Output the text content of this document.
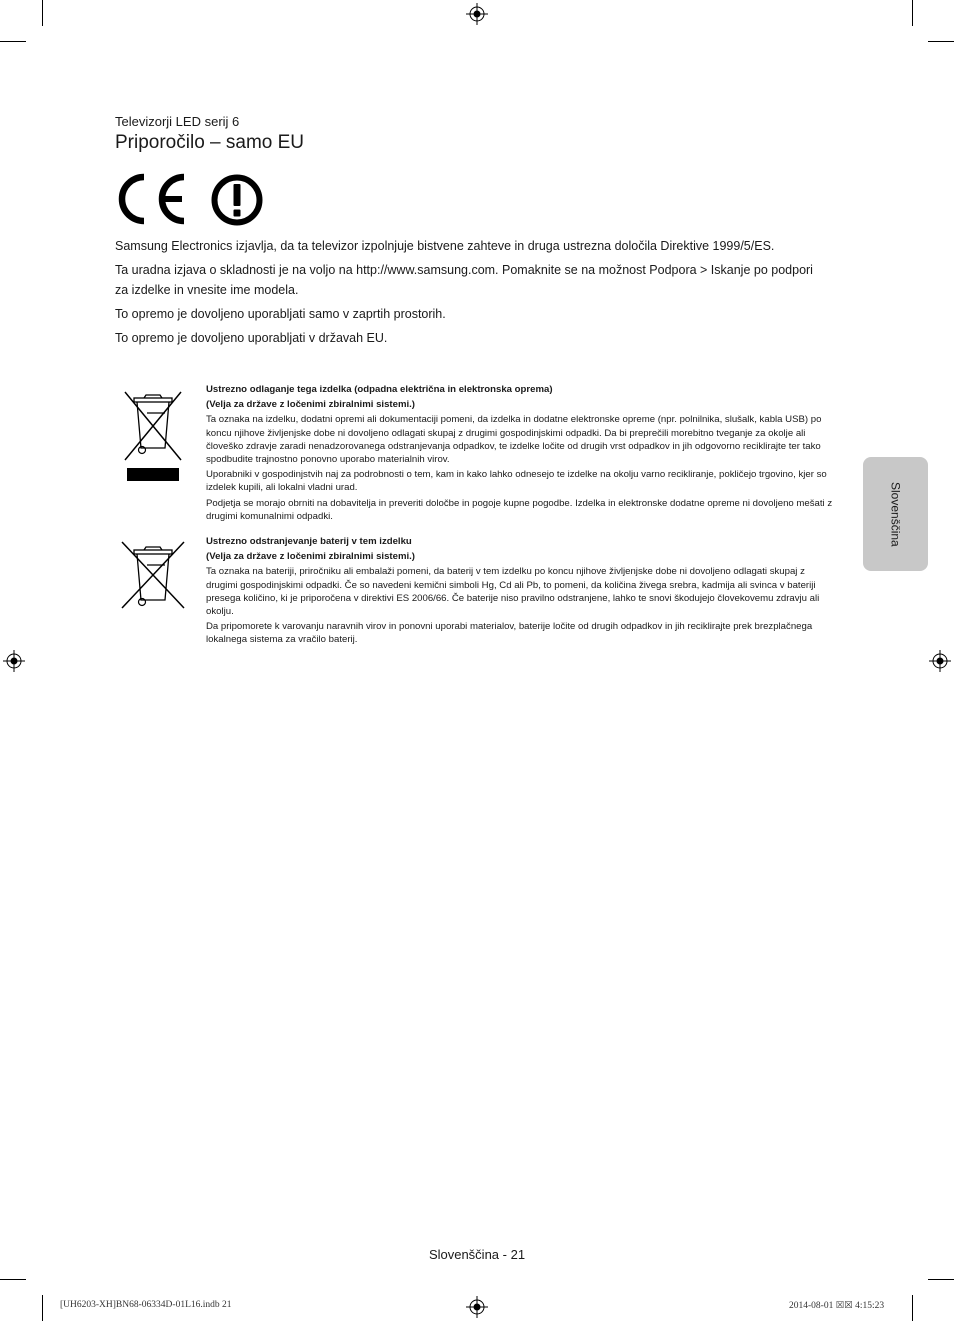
Televizorji LED serij 6
Priporočilo – samo EU
Samsung Electronics izjavlja, da ta televizor izpolnjuje bistvene zahteve in druga ustrezna določila Direktive 1999/5/ES.
Ta uradna izjava o skladnosti je na voljo na http://www.samsung.com. Pomaknite se na možnost Podpora > Iskanje po podpori za izdelke in vnesite ime modela.
To opremo je dovoljeno uporabljati samo v zaprtih prostorih.
To opremo je dovoljeno uporabljati v državah EU.

Ustrezno odlaganje tega izdelka (odpadna električna in elektronska oprema)

(Velja za države z ločenimi zbiralnimi sistemi.)

Ta oznaka na izdelku, dodatni opremi ali dokumentaciji pomeni, da izdelka in dodatne elektronske opreme (npr. polnilnika, slušalk, kabla USB) po koncu njihove življenjske dobe ni dovoljeno odlagati skupaj z drugimi gospodinjskimi odpadki. Da bi preprečili morebitno tveganje za okolje ali človeško zdravje zaradi nenadzorovanega odstranjevanja odpadkov, te izdelke ločite od drugih vrst odpadkov in jih odgovorno reciklirajte ter tako spodbudite trajnostno ponovno uporabo materialnih virov.

Uporabniki v gospodinjstvih naj za podrobnosti o tem, kam in kako lahko odnesejo te izdelke na okolju varno recikliranje, pokličejo trgovino, kjer so izdelek kupili, ali lokalni vladni urad.

Podjetja se morajo obrniti na dobavitelja in preveriti določbe in pogoje kupne pogodbe. Izdelka in elektronske dodatne opreme ni dovoljeno mešati z drugimi komunalnimi odpadki.

Ustrezno odstranjevanje baterij v tem izdelku

(Velja za države z ločenimi zbiralnimi sistemi.)

Ta oznaka na bateriji, priročniku ali embalaži pomeni, da baterij v tem izdelku po koncu njihove življenjske dobe ni dovoljeno odlagati skupaj z drugimi gospodinjskimi odpadki. Če so navedeni kemični simboli Hg, Cd ali Pb, to pomeni, da količina živega srebra, kadmija ali svinca v bateriji presega količino, ki je priporočena v direktivi ES 2006/66. Če baterije niso pravilno odstranjene, lahko te snovi škodujejo človekovemu zdravju ali okolju.

Da pripomorete k varovanju naravnih virov in ponovni uporabi materialov, baterije ločite od drugih odpadkov in jih reciklirajte prek brezplačnega lokalnega sistema za vračilo baterij.

Slovenščina
Slovenščina - 21
[UH6203-XH]BN68-06334D-01L16.indb 21	2014-08-01 ☒☒ 4:15:23
